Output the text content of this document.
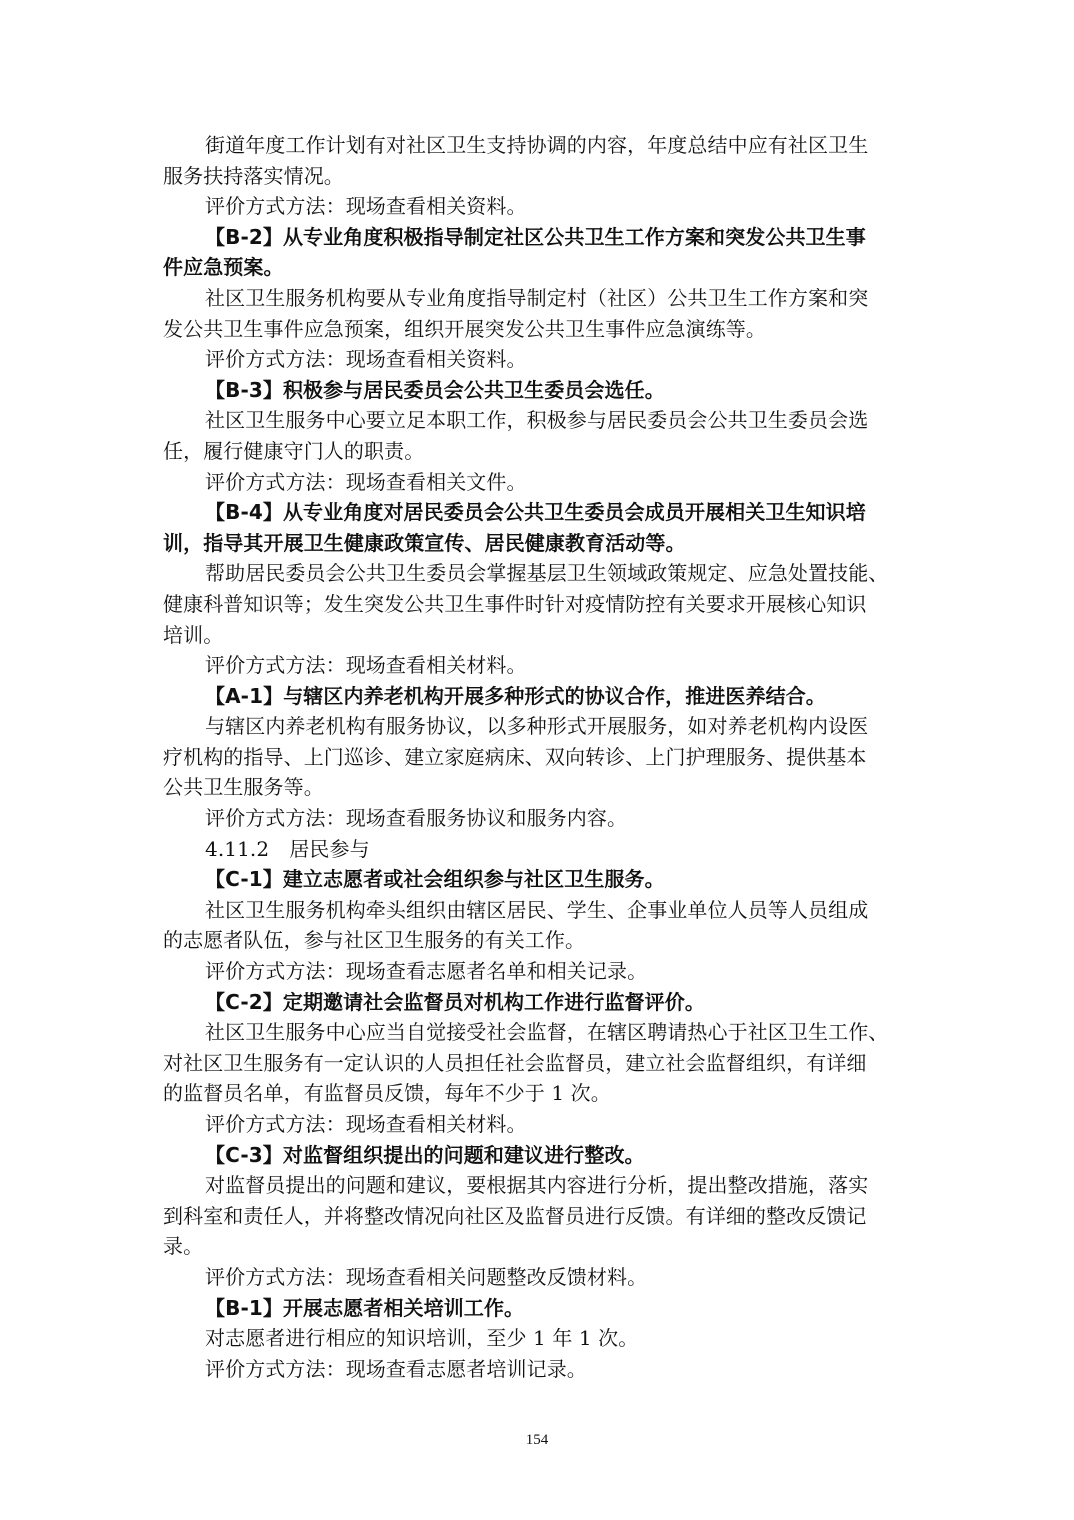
街道年度工作计划有对社区卫生支持协调的内容，年度总结中应有社区卫生
服务扶持落实情况。
评价方式方法：现场查看相关资料。
【B-2】从专业角度积极指导制定社区公共卫生工作方案和突发公共卫生事
件应急预案。
社区卫生服务机构要从专业角度指导制定村（社区）公共卫生工作方案和突
发公共卫生事件应急预案，组织开展突发公共卫生事件应急演练等。
评价方式方法：现场查看相关资料。
【B-3】积极参与居民委员会公共卫生委员会选任。
社区卫生服务中心要立足本职工作，积极参与居民委员会公共卫生委员会选
任，履行健康守门人的职责。
评价方式方法：现场查看相关文件。
【B-4】从专业角度对居民委员会公共卫生委员会成员开展相关卫生知识培
训，指导其开展卫生健康政策宣传、居民健康教育活动等。
帮助居民委员会公共卫生委员会掌握基层卫生领域政策规定、应急处置技能、
健康科普知识等；发生突发公共卫生事件时针对疫情防控有关要求开展核心知识
培训。
评价方式方法：现场查看相关材料。
【A-1】与辖区内养老机构开展多种形式的协议合作，推进医养结合。
与辖区内养老机构有服务协议，以多种形式开展服务，如对养老机构内设医
疗机构的指导、上门巡诊、建立家庭病床、双向转诊、上门护理服务、提供基本
公共卫生服务等。
评价方式方法：现场查看服务协议和服务内容。
4.11.2　居民参与
【C-1】建立志愿者或社会组织参与社区卫生服务。
社区卫生服务机构牵头组织由辖区居民、学生、企事业单位人员等人员组成
的志愿者队伍，参与社区卫生服务的有关工作。
评价方式方法：现场查看志愿者名单和相关记录。
【C-2】定期邀请社会监督员对机构工作进行监督评价。
社区卫生服务中心应当自觉接受社会监督，在辖区聘请热心于社区卫生工作、
对社区卫生服务有一定认识的人员担任社会监督员，建立社会监督组织，有详细
的监督员名单，有监督员反馈，每年不少于 1 次。
评价方式方法：现场查看相关材料。
【C-3】对监督组织提出的问题和建议进行整改。
对监督员提出的问题和建议，要根据其内容进行分析，提出整改措施，落实
到科室和责任人，并将整改情况向社区及监督员进行反馈。有详细的整改反馈记
录。
评价方式方法：现场查看相关问题整改反馈材料。
【B-1】开展志愿者相关培训工作。
对志愿者进行相应的知识培训，至少 1 年 1 次。
评价方式方法：现场查看志愿者培训记录。
154
